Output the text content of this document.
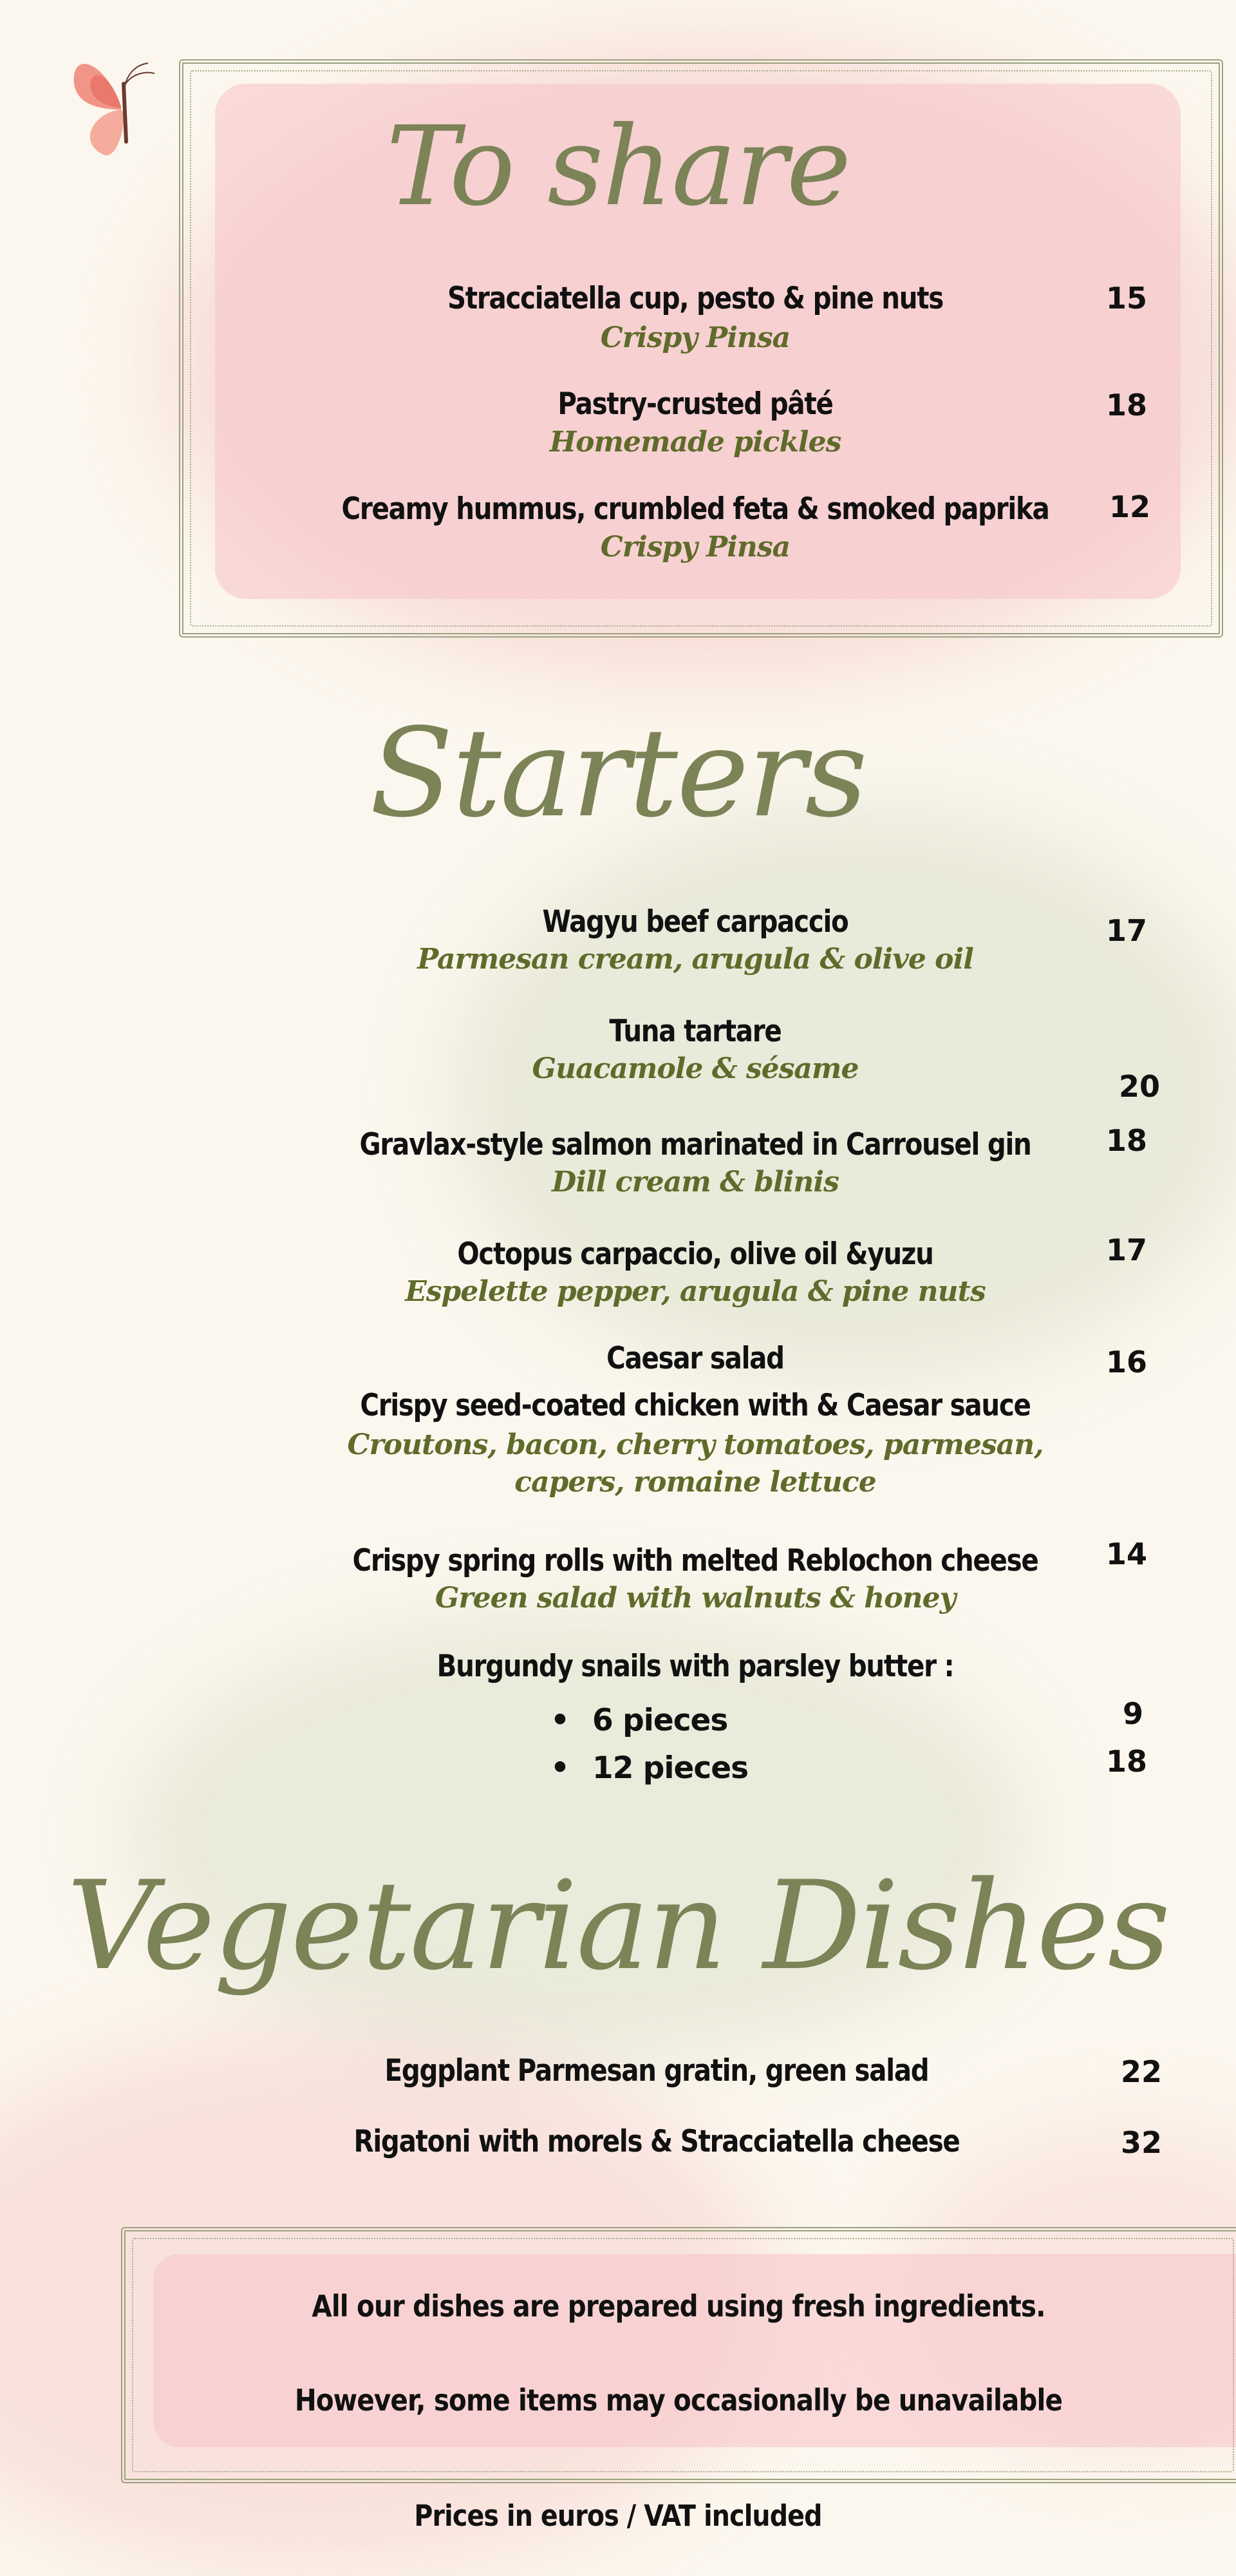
To share
Stracciatella cup, pesto & pine nuts
Crispy Pinsa
15
Pastry-crusted pâté
Homemade pickles
18
Creamy hummus, crumbled feta & smoked paprika
Crispy Pinsa
12
Starters
Wagyu beef carpaccio
Parmesan cream, arugula & olive oil
17
Tuna tartare
Guacamole & sésame
20
Gravlax-style salmon marinated in Carrousel gin
Dill cream & blinis
18
Octopus carpaccio, olive oil &yuzu
Espelette pepper, arugula & pine nuts
17
Caesar salad
Crispy seed-coated chicken with & Caesar sauce
Croutons, bacon, cherry tomatoes, parmesan,
capers, romaine lettuce
16
Crispy spring rolls with melted Reblochon cheese
Green salad with walnuts & honey
14
Burgundy snails with parsley butter :
• 6 pieces	9
• 12 pieces	18
Vegetarian Dishes
Eggplant Parmesan gratin, green salad	22
Rigatoni with morels & Stracciatella cheese	32
All our dishes are prepared using fresh ingredients.
However, some items may occasionally be unavailable
Prices in euros / VAT included
